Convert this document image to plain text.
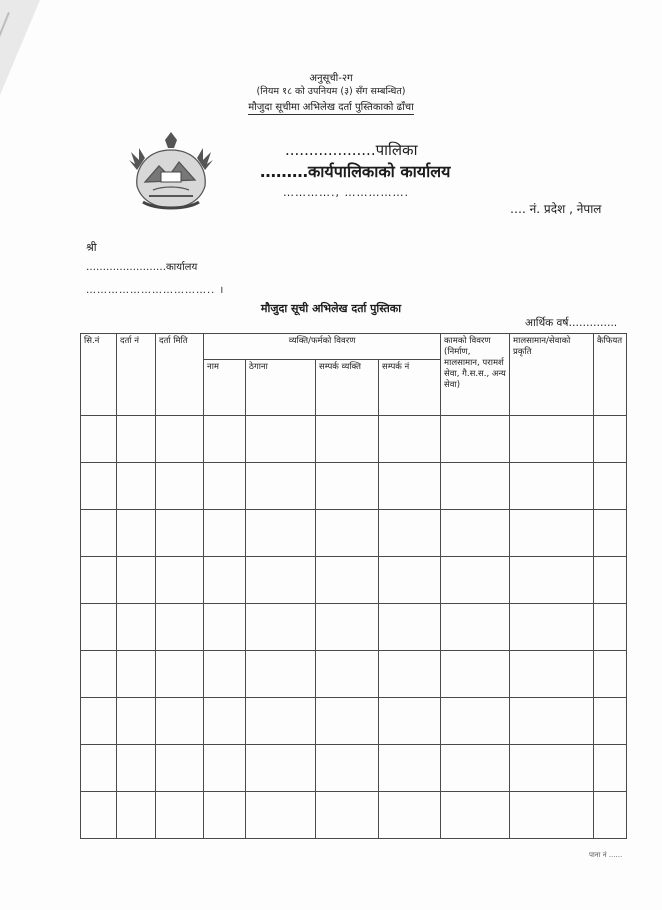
अनुसूची-२ग
(नियम १८ को उपनियम (३) सँग सम्बन्धित)
मौजुदा सूचीमा अभिलेख दर्ता पुस्तिकाको ढाँचा
...................पालिका
………कार्यपालिकाको कार्यालय
…………., …………….
…. नं. प्रदेश , नेपाल
श्री
……………………कार्यालय
…………………………….. ।
मौजुदा सूची अभिलेख दर्ता पुस्तिका
आर्थिक वर्ष…………..
सि.नं	दर्ता नं	दर्ता मिति	व्यक्ति/फर्मको विवरण				कामको विवरण (निर्माण, मालसामान, परामर्श सेवा, गै.स.स., अन्य सेवा)	मालसामान/सेवाको प्रकृति	कैफियत
			नाम	ठेगाना	सम्पर्क व्यक्ति	सम्पर्क नं			

पाना नं ......
